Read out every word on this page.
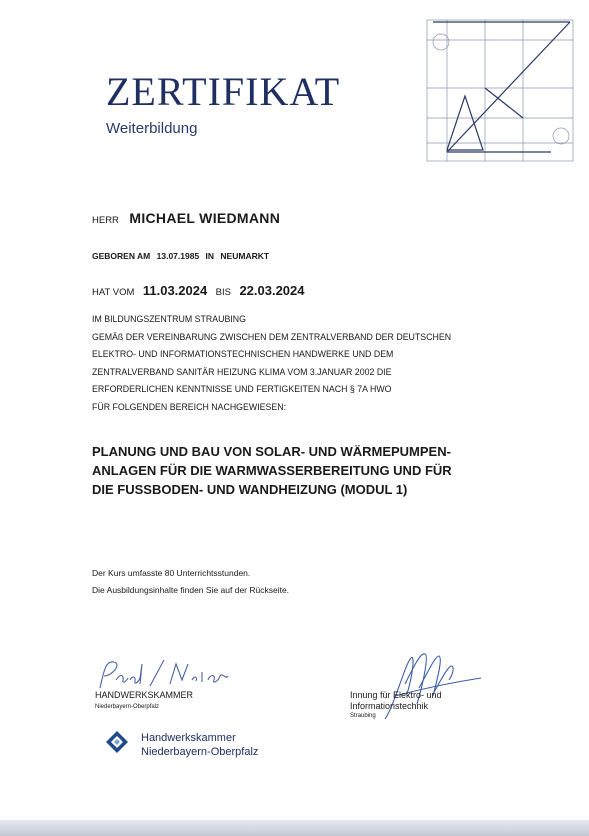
ZERTIFIKAT
Weiterbildung
HERR MICHAEL WIEDMANN
GEBOREN AM 13.07.1985 IN NEUMARKT
HAT VOM 11.03.2024 BIS 22.03.2024
IM BILDUNGSZENTRUM STRAUBING
GEMÄß DER VEREINBARUNG ZWISCHEN DEM ZENTRALVERBAND DER DEUTSCHEN
ELEKTRO- UND INFORMATIONSTECHNISCHEN HANDWERKE UND DEM
ZENTRALVERBAND SANITÄR HEIZUNG KLIMA VOM 3.JANUAR 2002 DIE
ERFORDERLICHEN KENNTNISSE UND FERTIGKEITEN NACH § 7A HWO
FÜR FOLGENDEN BEREICH NACHGEWIESEN:
PLANUNG UND BAU VON SOLAR- UND WÄRMEPUMPEN-
ANLAGEN FÜR DIE WARMWASSERBEREITUNG UND FÜR
DIE FUSSBODEN- UND WANDHEIZUNG (MODUL 1)
Der Kurs umfasste 80 Unterrichtsstunden.
Die Ausbildungsinhalte finden Sie auf der Rückseite.
HANDWERKSKAMMER
Niederbayern-Oberpfalz
Innung für Elektro- und
Informationstechnik
Straubing
Handwerkskammer
Niederbayern-Oberpfalz
